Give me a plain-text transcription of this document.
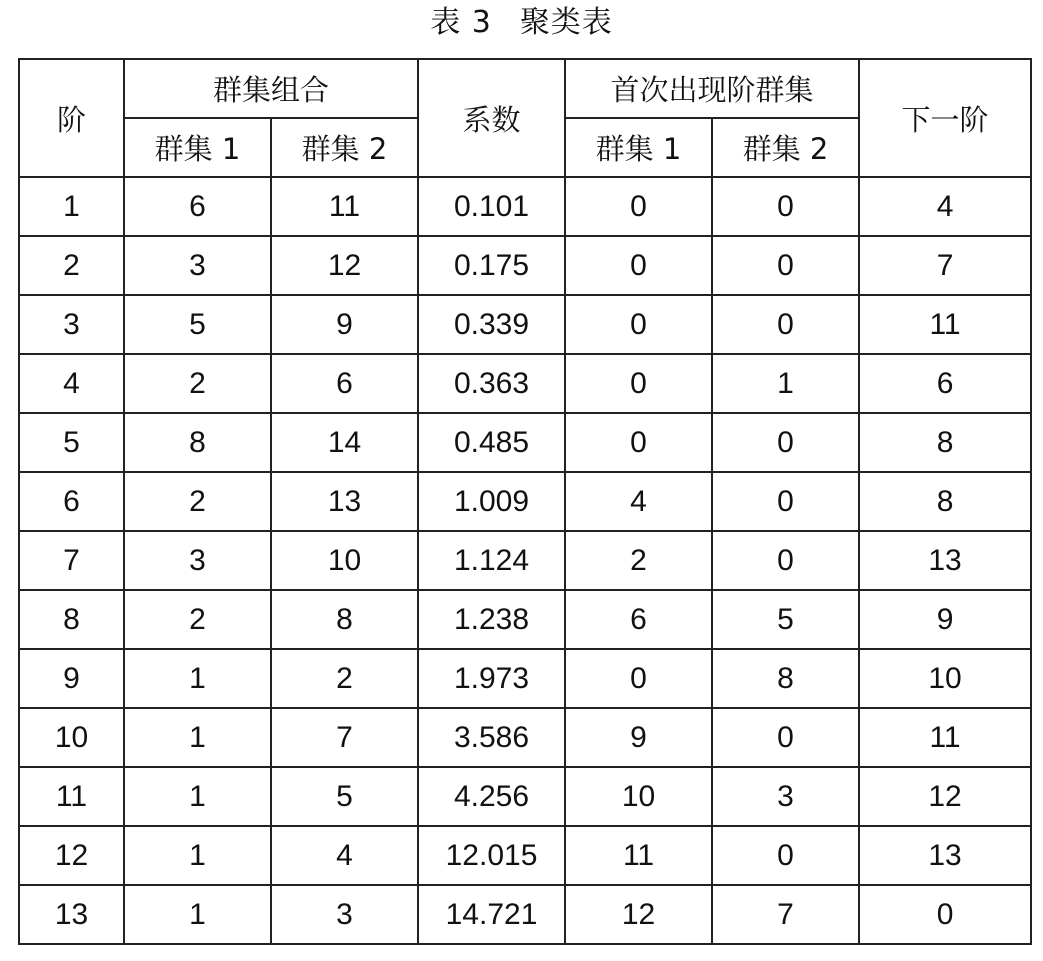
表 3 聚类表
阶	群集组合		系数	首次出现阶群集		下一阶
	群集 1	群集 2		群集 1	群集 2	
1	6	11	0.101	0	0	4
2	3	12	0.175	0	0	7
3	5	9	0.339	0	0	11
4	2	6	0.363	0	1	6
5	8	14	0.485	0	0	8
6	2	13	1.009	4	0	8
7	3	10	1.124	2	0	13
8	2	8	1.238	6	5	9
9	1	2	1.973	0	8	10
10	1	7	3.586	9	0	11
11	1	5	4.256	10	3	12
12	1	4	12.015	11	0	13
13	1	3	14.721	12	7	0
